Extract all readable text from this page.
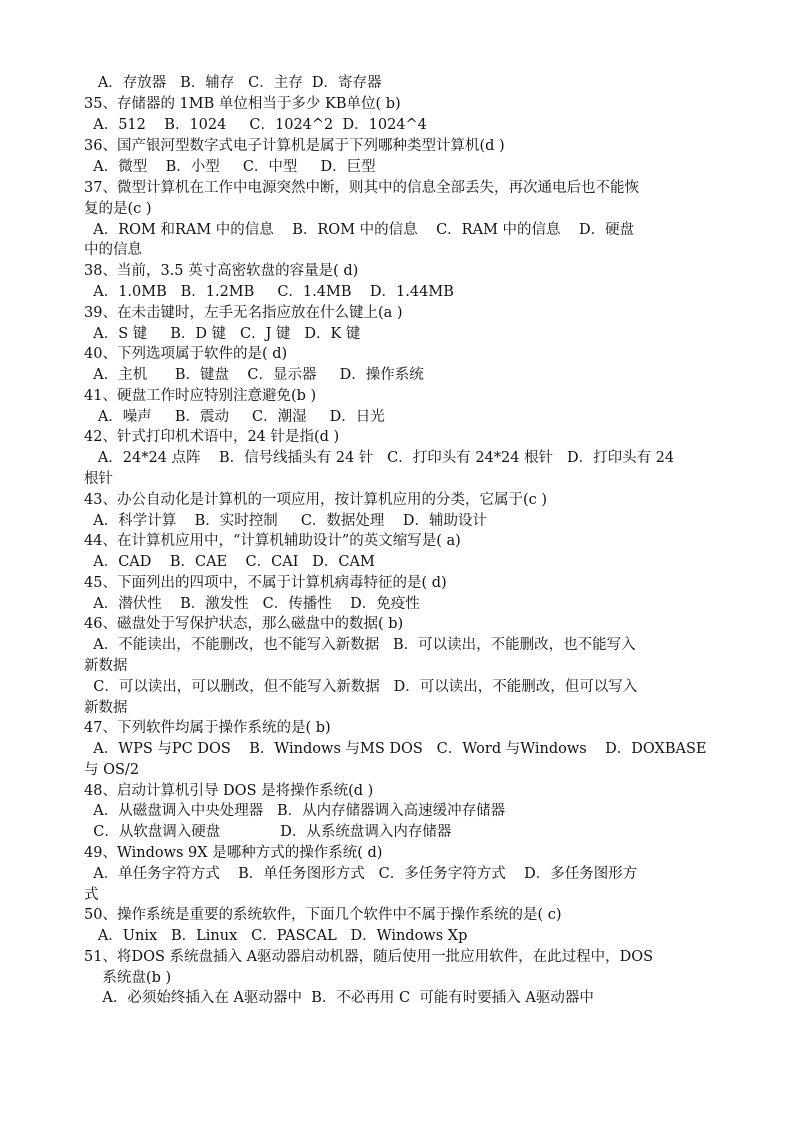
A．存放器   B．辅存   C．主存  D．寄存器
35、存储器的 1MB 单位相当于多少 KB单位( b)
A．512    B．1024     C．1024^2  D．1024^4
36、国产银河型数字式电子计算机是属于下列哪种类型计算机(d )
A．微型    B．小型     C．中型     D．巨型
37、微型计算机在工作中电源突然中断，则其中的信息全部丢失，再次通电后也不能恢
复的是(c )
A．ROM 和RAM 中的信息    B．ROM 中的信息    C．RAM 中的信息    D．硬盘
中的信息
38、当前，3.5 英寸高密软盘的容量是( d)
A．1.0MB   B．1.2MB     C．1.4MB    D．1.44MB
39、在未击键时，左手无名指应放在什么键上(a )
A．S 键     B．D 键   C．J 键   D．K 键
40、下列选项属于软件的是( d)
A．主机      B．键盘    C．显示器     D．操作系统
41、硬盘工作时应特别注意避免(b )
A．噪声     B．震动     C．潮湿     D．日光
42、针式打印机术语中，24 针是指(d )
A．24*24 点阵    B．信号线插头有 24 针   C．打印头有 24*24 根针   D．打印头有 24
根针
43、办公自动化是计算机的一项应用，按计算机应用的分类，它属于(c )
A．科学计算    B．实时控制     C．数据处理    D．辅助设计
44、在计算机应用中，“计算机辅助设计”的英文缩写是( a)
A．CAD    B．CAE    C．CAI   D．CAM
45、下面列出的四项中，不属于计算机病毒特征的是( d)
A．潜伏性    B．激发性   C．传播性    D．免疫性
46、磁盘处于写保护状态，那么磁盘中的数据( b)
A．不能读出，不能删改，也不能写入新数据   B．可以读出，不能删改，也不能写入
新数据
C．可以读出，可以删改，但不能写入新数据   D．可以读出，不能删改，但可以写入
新数据
47、下列软件均属于操作系统的是( b)
A．WPS 与PC DOS    B．Windows 与MS DOS   C．Word 与Windows    D．DOXBASE
与 OS/2
48、启动计算机引导 DOS 是将操作系统(d )
A．从磁盘调入中央处理器   B．从内存储器调入高速缓冲存储器
C．从软盘调入硬盘             D．从系统盘调入内存储器
49、Windows 9X 是哪种方式的操作系统( d)
A．单任务字符方式    B．单任务图形方式   C．多任务字符方式    D．多任务图形方
式
50、操作系统是重要的系统软件，下面几个软件中不属于操作系统的是( c)
A．Unix   B．Linux   C．PASCAL   D．Windows Xp
51、将DOS 系统盘插入 A驱动器启动机器，随后使用一批应用软件，在此过程中，DOS
系统盘(b )
A．必须始终插入在 A驱动器中  B．不必再用 C  可能有时要插入 A驱动器中
